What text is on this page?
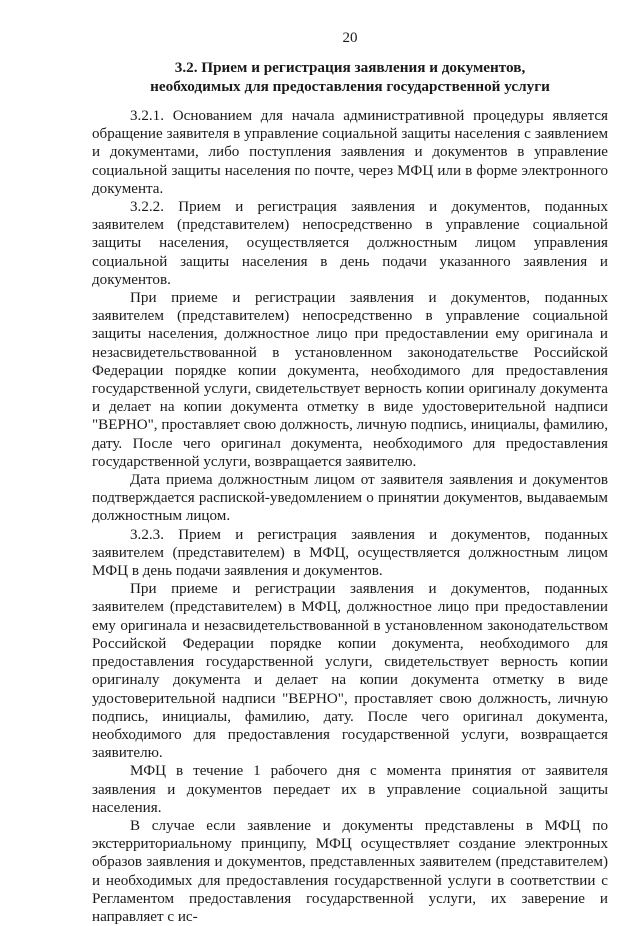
20
3.2. Прием и регистрация заявления и документов,
необходимых для предоставления государственной услуги

3.2.1. Основанием для начала административной процедуры является обращение заявителя в управление социальной защиты населения с заявлением и документами, либо поступления заявления и документов в управление социальной защиты населения по почте, через МФЦ или в форме электронного документа.

3.2.2. Прием и регистрация заявления и документов, поданных заявителем (представителем) непосредственно в управление социальной защиты населения, осуществляется должностным лицом управления социальной защиты населения в день подачи указанного заявления и документов.

При приеме и регистрации заявления и документов, поданных заявителем (представителем) непосредственно в управление социальной защиты населения, должностное лицо при предоставлении ему оригинала и незасвидетельствованной в установленном законодательстве Российской Федерации порядке копии документа, необходимого для предоставления государственной услуги, свидетельствует верность копии оригиналу документа и делает на копии документа отметку в виде удостоверительной надписи "ВЕРНО", проставляет свою должность, личную подпись, инициалы, фамилию, дату. После чего оригинал документа, необходимого для предоставления государственной услуги, возвращается заявителю.

Дата приема должностным лицом от заявителя заявления и документов подтверждается распиской-уведомлением о принятии документов, выдаваемым должностным лицом.

3.2.3. Прием и регистрация заявления и документов, поданных заявителем (представителем) в МФЦ, осуществляется должностным лицом МФЦ в день подачи заявления и документов.

При приеме и регистрации заявления и документов, поданных заявителем (представителем) в МФЦ, должностное лицо при предоставлении ему оригинала и незасвидетельствованной в установленном законодательством Российской Федерации порядке копии документа, необходимого для предоставления государственной услуги, свидетельствует верность копии оригиналу документа и делает на копии документа отметку в виде удостоверительной надписи "ВЕРНО", проставляет свою должность, личную подпись, инициалы, фамилию, дату. После чего оригинал документа, необходимого для предоставления государственной услуги, возвращается заявителю.

МФЦ в течение 1 рабочего дня с момента принятия от заявителя заявления и документов передает их в управление социальной защиты населения.

В случае если заявление и документы представлены в МФЦ по экстерриториальному принципу, МФЦ осуществляет создание электронных образов заявления и документов, представленных заявителем (представителем) и необходимых для предоставления государственной услуги в соответствии с Регламентом предоставления государственной услуги, их заверение и направляет с ис-
